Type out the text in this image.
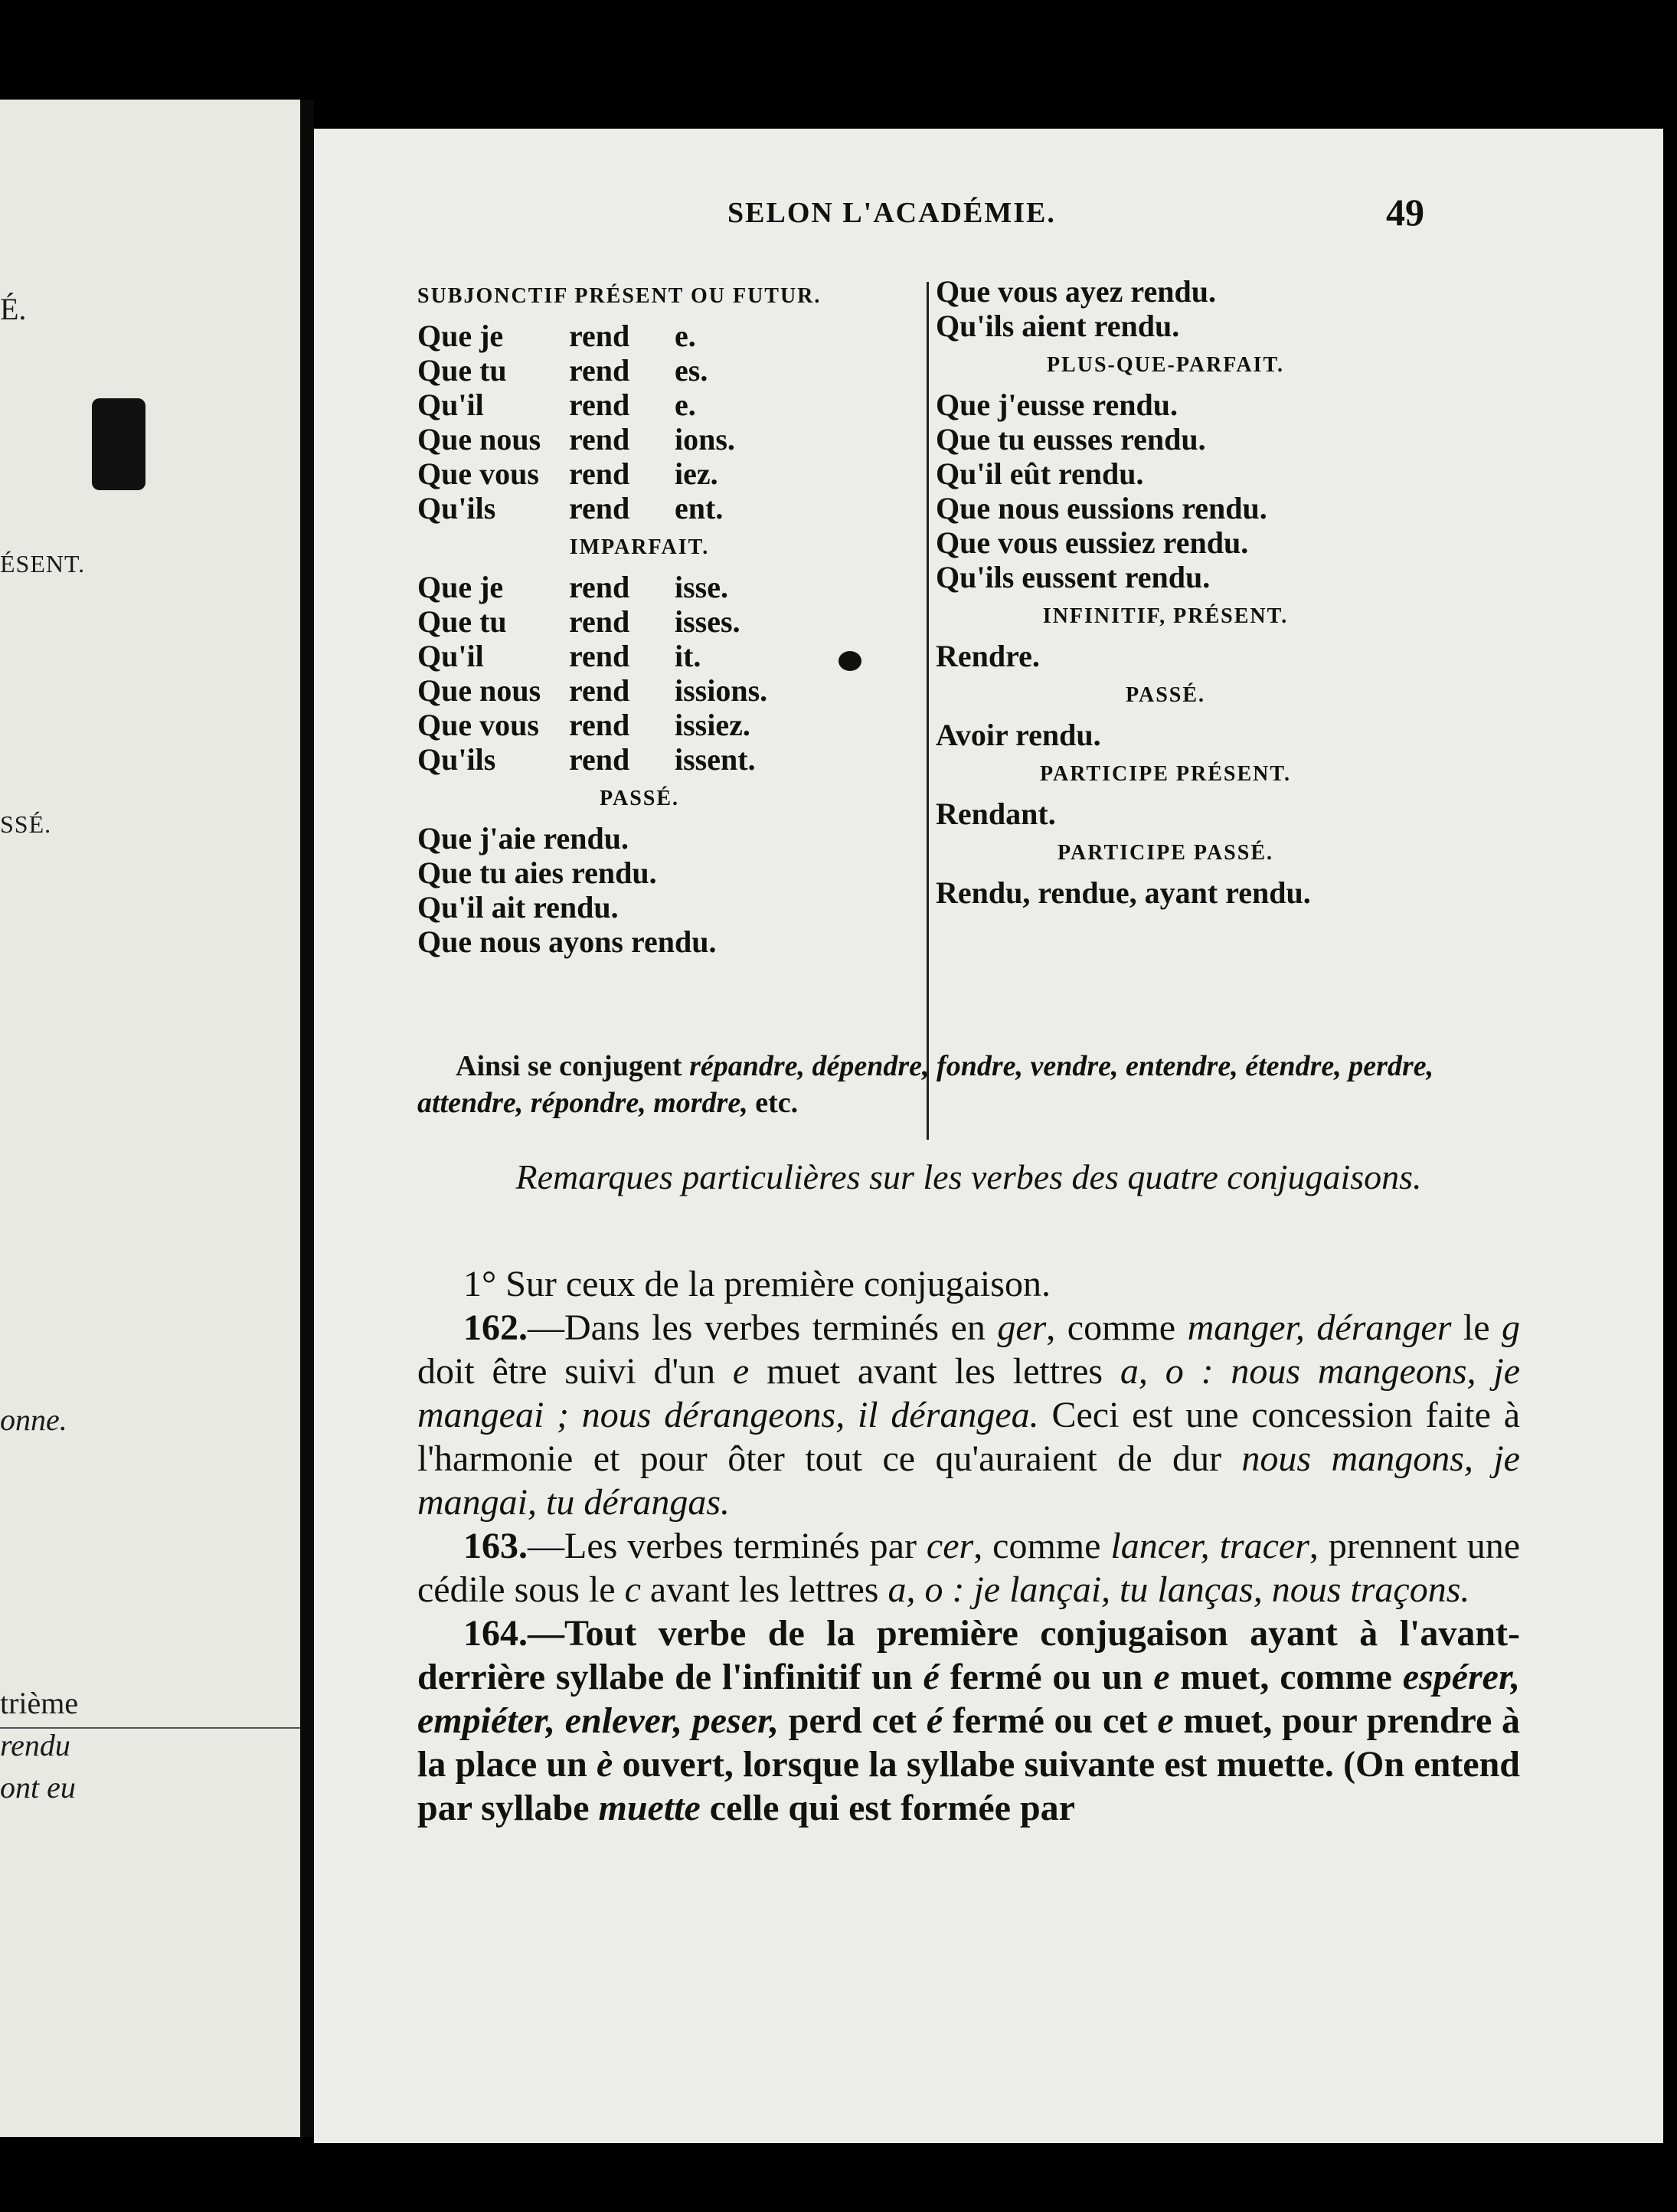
É.
ÉSENT.
SSÉ.
onne.
trième
rendu
ont eu
SELON L'ACADÉMIE.	49
SUBJONCTIF PRÉSENT OU FUTUR.
Que je	rend	e.
Que tu	rend	es.
Qu'il	rend	e.
Que nous rend	ions.
Que vous rend	iez.
Qu'ils	rend	ent.
IMPARFAIT.
Que je	rend	isse.
Que tu	rend	isses.
Qu'il	rend	it.
Que nous rend	issions.
Que vous rend	issiez.
Qu'ils	rend	issent.
PASSÉ.
Que j'aie rendu.
Que tu aies rendu.
Qu'il ait rendu.
Que nous ayons rendu.
Que vous ayez rendu.
Qu'ils aient rendu.
PLUS-QUE-PARFAIT.
Que j'eusse rendu.
Que tu eusses rendu.
Qu'il eût rendu.
Que nous eussions rendu.
Que vous eussiez rendu.
Qu'ils eussent rendu.
INFINITIF, PRÉSENT.
Rendre.
PASSÉ.
Avoir rendu.
PARTICIPE PRÉSENT.
Rendant.
PARTICIPE PASSÉ.
Rendu, rendue, ayant rendu.
Ainsi se conjugent répandre, dépendre, fondre, vendre, entendre, étendre, perdre, attendre, répondre, mordre, etc.
Remarques particulières sur les verbes des quatre conjugaisons.

1° Sur ceux de la première conjugaison.

162.—Dans les verbes terminés en ger, comme manger, déranger le g doit être suivi d'un e muet avant les lettres a, o : nous mangeons, je mangeai ; nous dérangeons, il dérangea. Ceci est une concession faite à l'harmonie et pour ôter tout ce qu'auraient de dur nous mangons, je mangai, tu dérangas.

163.—Les verbes terminés par cer, comme lancer, tracer, prennent une cédile sous le c avant les lettres a, o : je lançai, tu lanças, nous traçons.

164.—Tout verbe de la première conjugaison ayant à l'avant-derrière syllabe de l'infinitif un é fermé ou un e muet, comme espérer, empiéter, enlever, peser, perd cet é fermé ou cet e muet, pour prendre à la place un è ouvert, lorsque la syllabe suivante est muette. (On entend par syllabe muette celle qui est formée par
